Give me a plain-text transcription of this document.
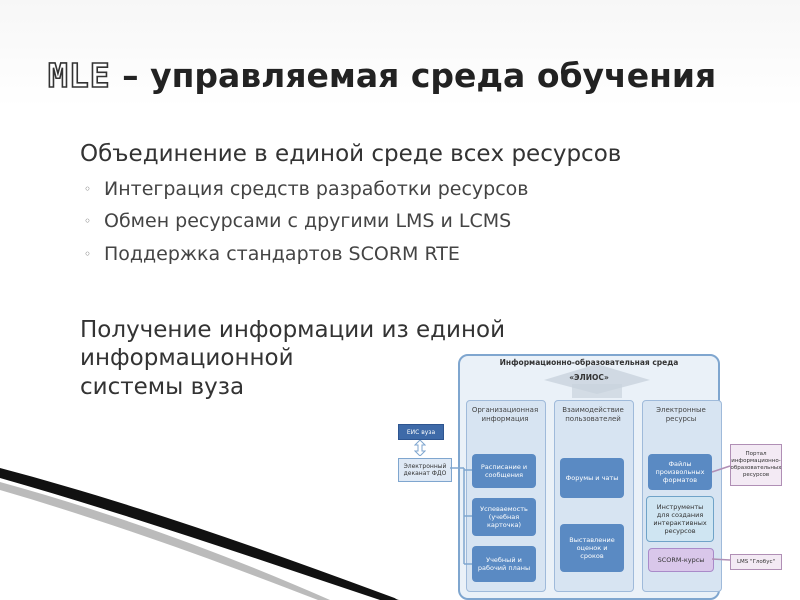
MLE – управляемая среда обучения
Объединение в единой среде всех ресурсов
◦ Интеграция средств разработки ресурсов
◦ Обмен ресурсами с другими LMS и LCMS
◦ Поддержка стандартов SCORM RTE
Получение информации из единой
информационной
системы вуза
Информационно-образовательная среда
«ЭЛИОС»
Организационная
информация
Взаимодействие
пользователей
Электронные
ресурсы
Расписание и
сообщения
Успеваемость
(учебная
карточка)
Учебный и
рабочий планы
Форумы и чаты
Выставление
оценок и
сроков
Файлы
произвольных
форматов
Инструменты
для создания
интерактивных
ресурсов
SCORM-курсы
ЕИС вуза
Электронный
деканат ФДО
Портал
информационно-
образовательных
ресурсов
LMS "Глобус"
